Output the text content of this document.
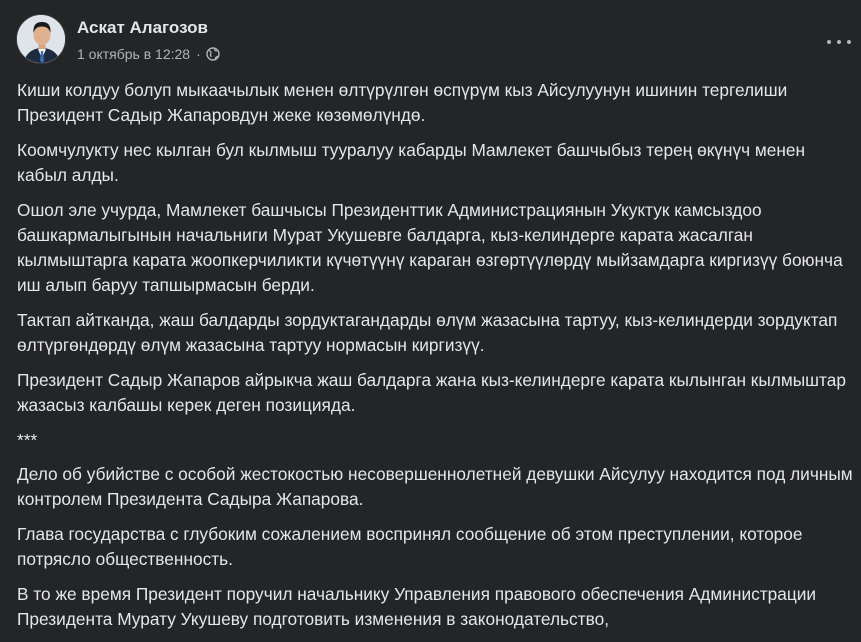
Аскат Алагозов
1 октябрь в 12:28 ·

Киши колдуу болуп мыкаачылык менен өлтүрүлгөн өспүрүм кыз Айсулуунун ишинин тергелиши Президент Садыр Жапаровдун жеке көзөмөлүндө.

Коомчулукту нес кылган бул кылмыш тууралуу кабарды Мамлекет башчыбыз терең өкүнүч менен кабыл алды.

Ошол эле учурда, Мамлекет башчысы Президенттик Администрациянын Укуктук камсыздоо башкармалыгынын начальниги Мурат Укушевге балдарга, кыз-келиндерге карата жасалган кылмыштарга карата жоопкерчиликти күчөтүүнү караган өзгөртүүлөрдү мыйзамдарга киргизүү боюнча иш алып баруу тапшырмасын берди.

Тактап айтканда, жаш балдарды зордуктагандарды өлүм жазасына тартуу, кыз-келиндерди зордуктап өлтүргөндөрдү өлүм жазасына тартуу нормасын киргизүү.

Президент Садыр Жапаров айрыкча жаш балдарга жана кыз-келиндерге карата кылынган кылмыштар жазасыз калбашы керек деген позицияда.

***

Дело об убийстве с особой жестокостью несовершеннолетней девушки Айсулуу находится под личным контролем Президента Садыра Жапарова.

Глава государства с глубоким сожалением воспринял сообщение об этом преступлении, которое потрясло общественность.

В то же время Президент поручил начальнику Управления правового обеспечения Администрации Президента Мурату Укушеву подготовить изменения в законодательство,
